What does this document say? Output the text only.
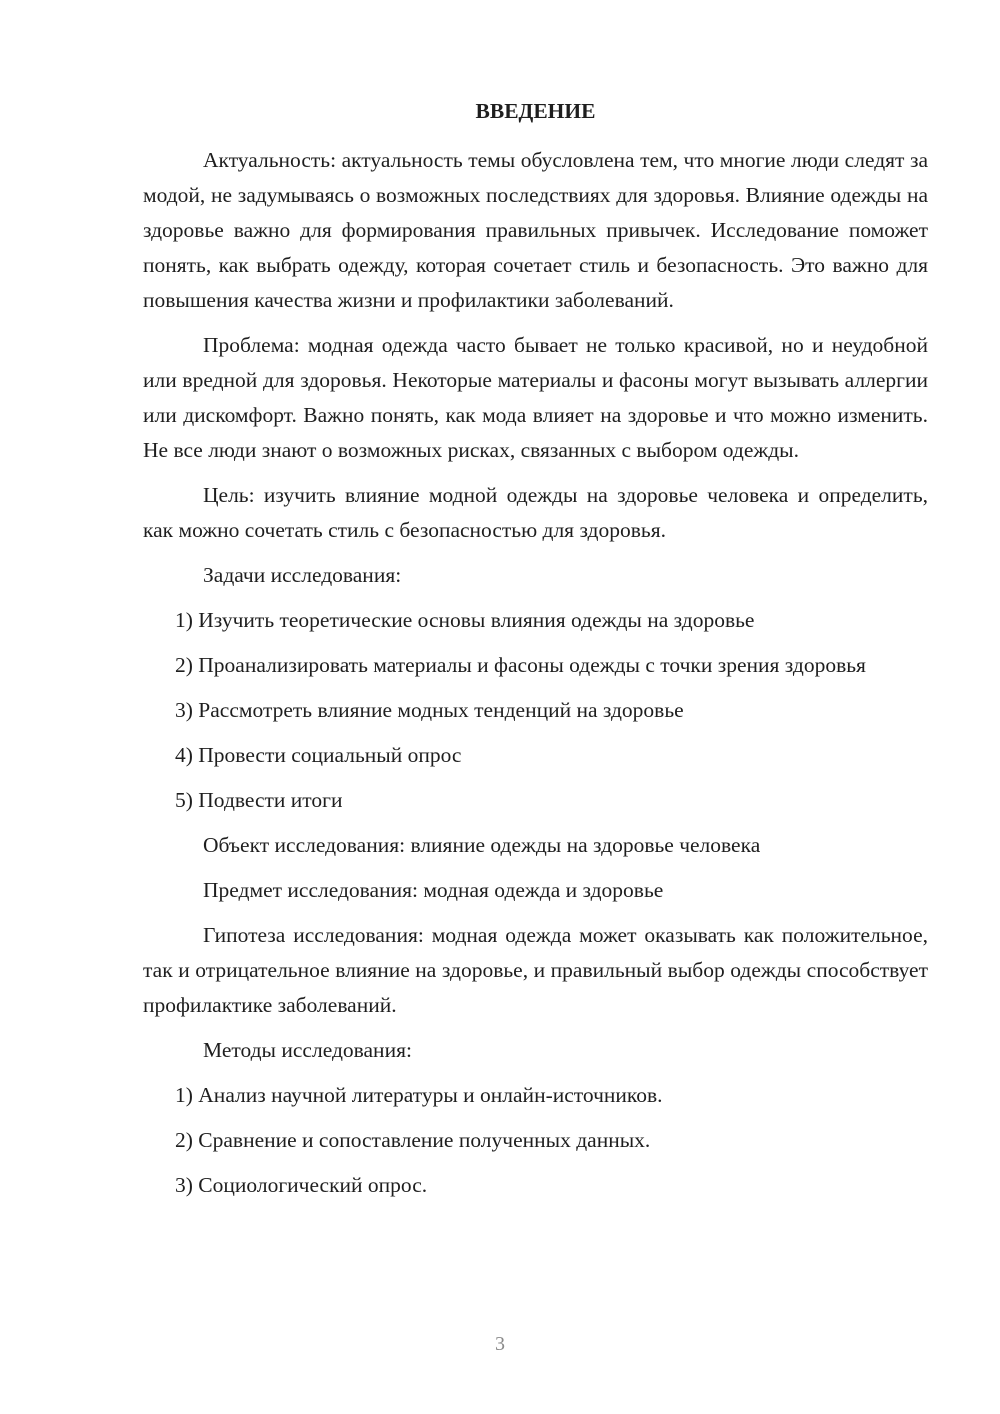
ВВЕДЕНИЕ

Актуальность: актуальность темы обусловлена тем, что многие люди следят за модой, не задумываясь о возможных последствиях для здоровья. Влияние одежды на здоровье важно для формирования правильных привычек. Исследование поможет понять, как выбрать одежду, которая сочетает стиль и безопасность. Это важно для повышения качества жизни и профилактики заболеваний.

Проблема: модная одежда часто бывает не только красивой, но и неудобной или вредной для здоровья. Некоторые материалы и фасоны могут вызывать аллергии или дискомфорт. Важно понять, как мода влияет на здоровье и что можно изменить. Не все люди знают о возможных рисках, связанных с выбором одежды.

Цель: изучить влияние модной одежды на здоровье человека и определить, как можно сочетать стиль с безопасностью для здоровья.

Задачи исследования:

1) Изучить теоретические основы влияния одежды на здоровье

2) Проанализировать материалы и фасоны одежды с точки зрения здоровья

3) Рассмотреть влияние модных тенденций на здоровье

4) Провести социальный опрос

5) Подвести итоги

Объект исследования: влияние одежды на здоровье человека

Предмет исследования: модная одежда и здоровье

Гипотеза исследования: модная одежда может оказывать как положительное, так и отрицательное влияние на здоровье, и правильный выбор одежды способствует профилактике заболеваний.

Методы исследования:

1) Анализ научной литературы и онлайн-источников.

2) Сравнение и сопоставление полученных данных.

3) Социологический опрос.

3
